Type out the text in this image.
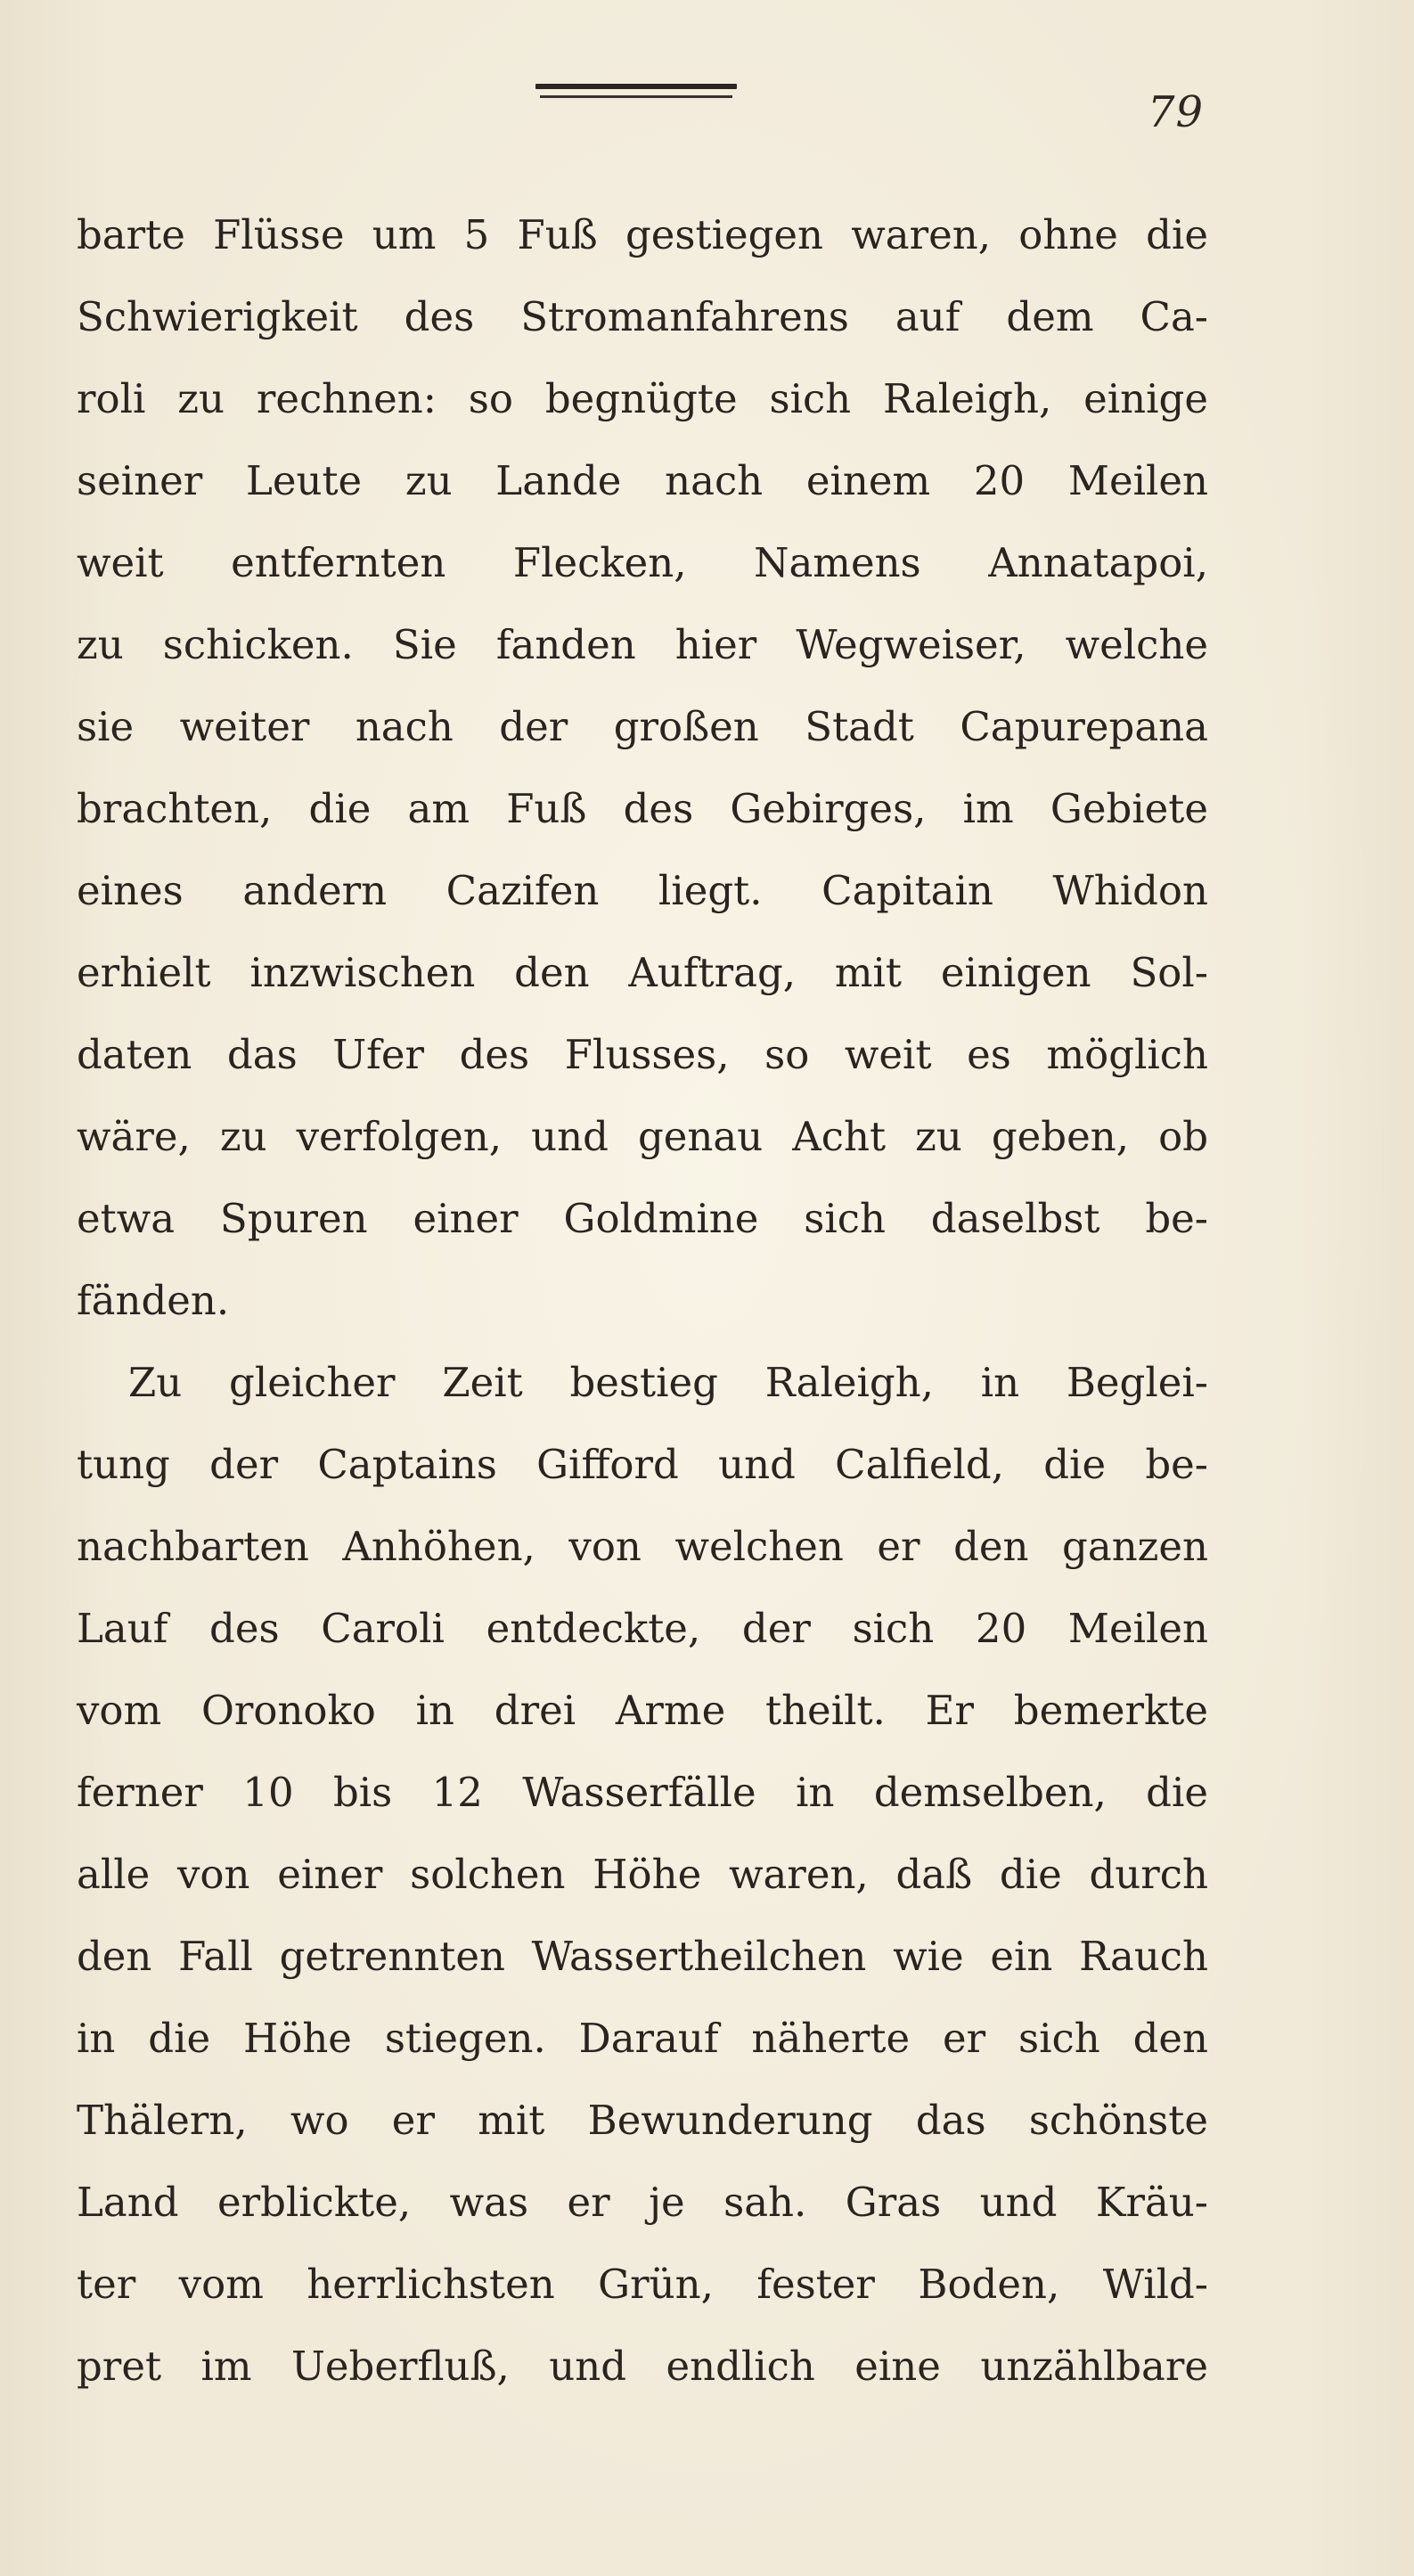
79
barte Flüsse um 5 Fuß gestiegen waren, ohne die
Schwierigkeit des Stromanfahrens auf dem Ca-
roli zu rechnen: so begnügte sich Raleigh, einige
seiner Leute zu Lande nach einem 20 Meilen
weit entfernten Flecken, Namens Annatapoi,
zu schicken. Sie fanden hier Wegweiser, welche
sie weiter nach der großen Stadt Capurepana
brachten, die am Fuß des Gebirges, im Gebiete
eines andern Cazifen liegt. Capitain Whidon
erhielt inzwischen den Auftrag, mit einigen Sol-
daten das Ufer des Flusses, so weit es möglich
wäre, zu verfolgen, und genau Acht zu geben, ob
etwa Spuren einer Goldmine sich daselbst be-
fänden.
Zu gleicher Zeit bestieg Raleigh, in Beglei-
tung der Captains Gifford und Calfield, die be-
nachbarten Anhöhen, von welchen er den ganzen
Lauf des Caroli entdeckte, der sich 20 Meilen
vom Oronoko in drei Arme theilt. Er bemerkte
ferner 10 bis 12 Wasserfälle in demselben, die
alle von einer solchen Höhe waren, daß die durch
den Fall getrennten Wassertheilchen wie ein Rauch
in die Höhe stiegen. Darauf näherte er sich den
Thälern, wo er mit Bewunderung das schönste
Land erblickte, was er je sah. Gras und Kräu-
ter vom herrlichsten Grün, fester Boden, Wild-
pret im Ueberfluß, und endlich eine unzählbare
